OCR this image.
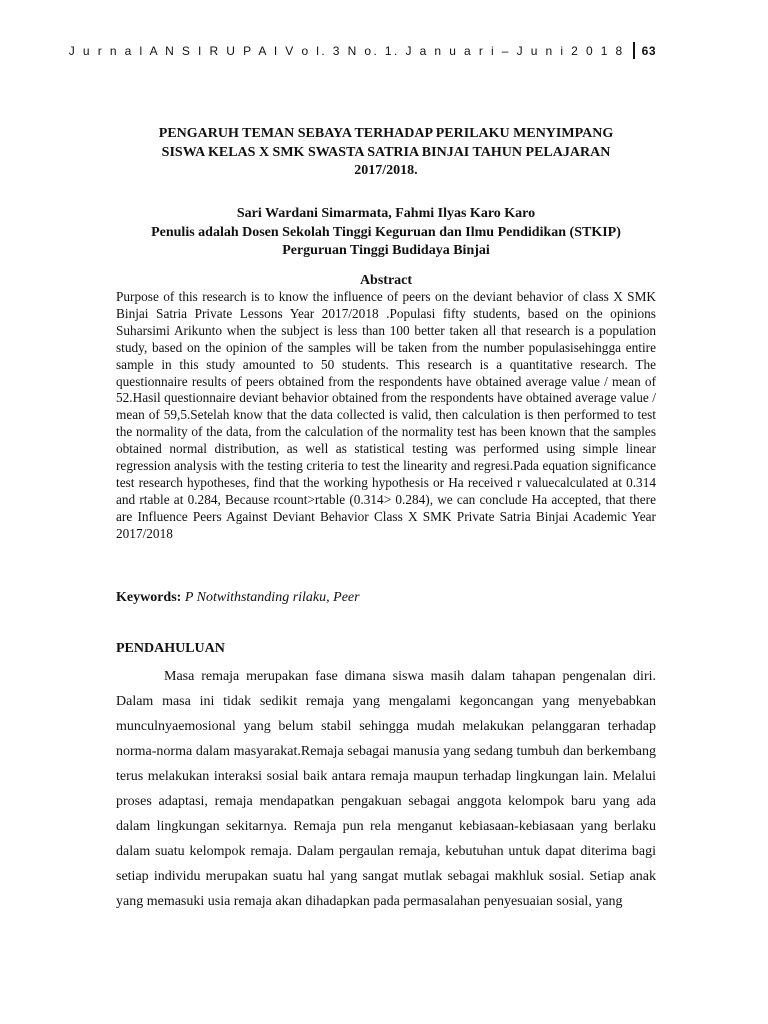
J u r n a l A N S I R U P A I V o l. 3 N o. 1. J a n u a r i – J u n i 2 0 1 8	63
PENGARUH TEMAN SEBAYA TERHADAP PERILAKU MENYIMPANG
SISWA KELAS X SMK SWASTA SATRIA BINJAI TAHUN PELAJARAN
2017/2018.
Sari Wardani Simarmata, Fahmi Ilyas Karo Karo
Penulis adalah Dosen Sekolah Tinggi Keguruan dan Ilmu Pendidikan (STKIP)
Perguruan Tinggi Budidaya Binjai
Abstract

Purpose of this research is to know the influence of peers on the deviant behavior of class X SMK Binjai Satria Private Lessons Year 2017/2018 .Populasi fifty students, based on the opinions Suharsimi Arikunto when the subject is less than 100 better taken all that research is a population study, based on the opinion of the samples will be taken from the number populasisehingga entire sample in this study amounted to 50 students. This research is a quantitative research. The questionnaire results of peers obtained from the respondents have obtained average value / mean of 52.Hasil questionnaire deviant behavior obtained from the respondents have obtained average value / mean of 59,5.Setelah know that the data collected is valid, then calculation is then performed to test the normality of the data, from the calculation of the normality test has been known that the samples obtained normal distribution, as well as statistical testing was performed using simple linear regression analysis with the testing criteria to test the linearity and regresi.Pada equation significance test research hypotheses, find that the working hypothesis or Ha received r valuecalculated at 0.314 and rtable at 0.284, Because rcount>rtable (0.314> 0.284), we can conclude Ha accepted, that there are Influence Peers Against Deviant Behavior Class X SMK Private Satria Binjai Academic Year 2017/2018

Keywords: P Notwithstanding rilaku, Peer
PENDAHULUAN

Masa remaja merupakan fase dimana siswa masih dalam tahapan pengenalan diri. Dalam masa ini tidak sedikit remaja yang mengalami kegoncangan yang menyebabkan munculnyaemosional yang belum stabil sehingga mudah melakukan pelanggaran terhadap norma-norma dalam masyarakat.Remaja sebagai manusia yang sedang tumbuh dan berkembang terus melakukan interaksi sosial baik antara remaja maupun terhadap lingkungan lain. Melalui proses adaptasi, remaja mendapatkan pengakuan sebagai anggota kelompok baru yang ada dalam lingkungan sekitarnya. Remaja pun rela menganut kebiasaan-kebiasaan yang berlaku dalam suatu kelompok remaja. Dalam pergaulan remaja, kebutuhan untuk dapat diterima bagi setiap individu merupakan suatu hal yang sangat mutlak sebagai makhluk sosial. Setiap anak yang memasuki usia remaja akan dihadapkan pada permasalahan penyesuaian sosial, yang
